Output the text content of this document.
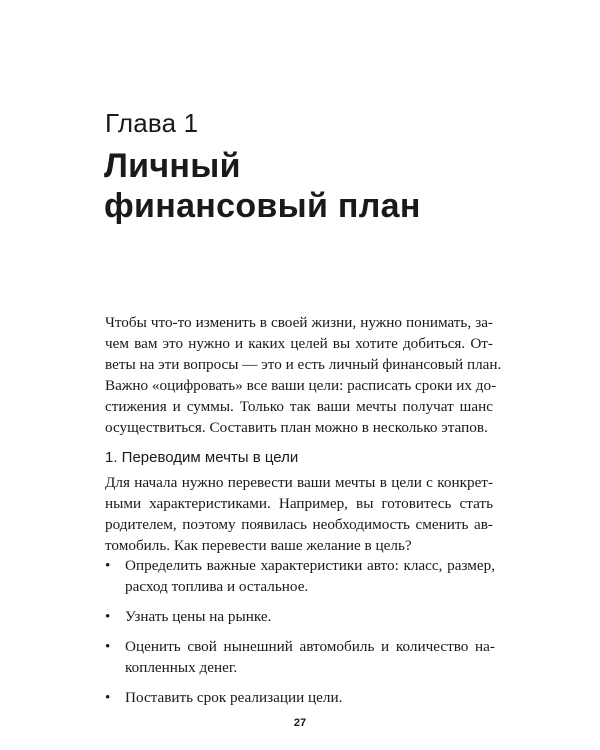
Глава 1

Личный
финансовый план

Чтобы что-то изменить в своей жизни, нужно понимать, за-
чем вам это нужно и каких целей вы хотите добиться. От-
веты на эти вопросы — это и есть личный финансовый план.
Важно «оцифровать» все ваши цели: расписать сроки их до-
стижения и суммы. Только так ваши мечты получат шанс
осуществиться. Составить план можно в несколько этапов.

1. Переводим мечты в цели

Для начала нужно перевести ваши мечты в цели с конкрет-
ными характеристиками. Например, вы готовитесь стать
родителем, поэтому появилась необходимость сменить ав-
томобиль. Как перевести ваше желание в цель?

• Определить важные характеристики авто: класс, размер,
расход топлива и остальное.
• Узнать цены на рынке.
• Оценить свой нынешний автомобиль и количество на-
копленных денег.
• Поставить срок реализации цели.

27
